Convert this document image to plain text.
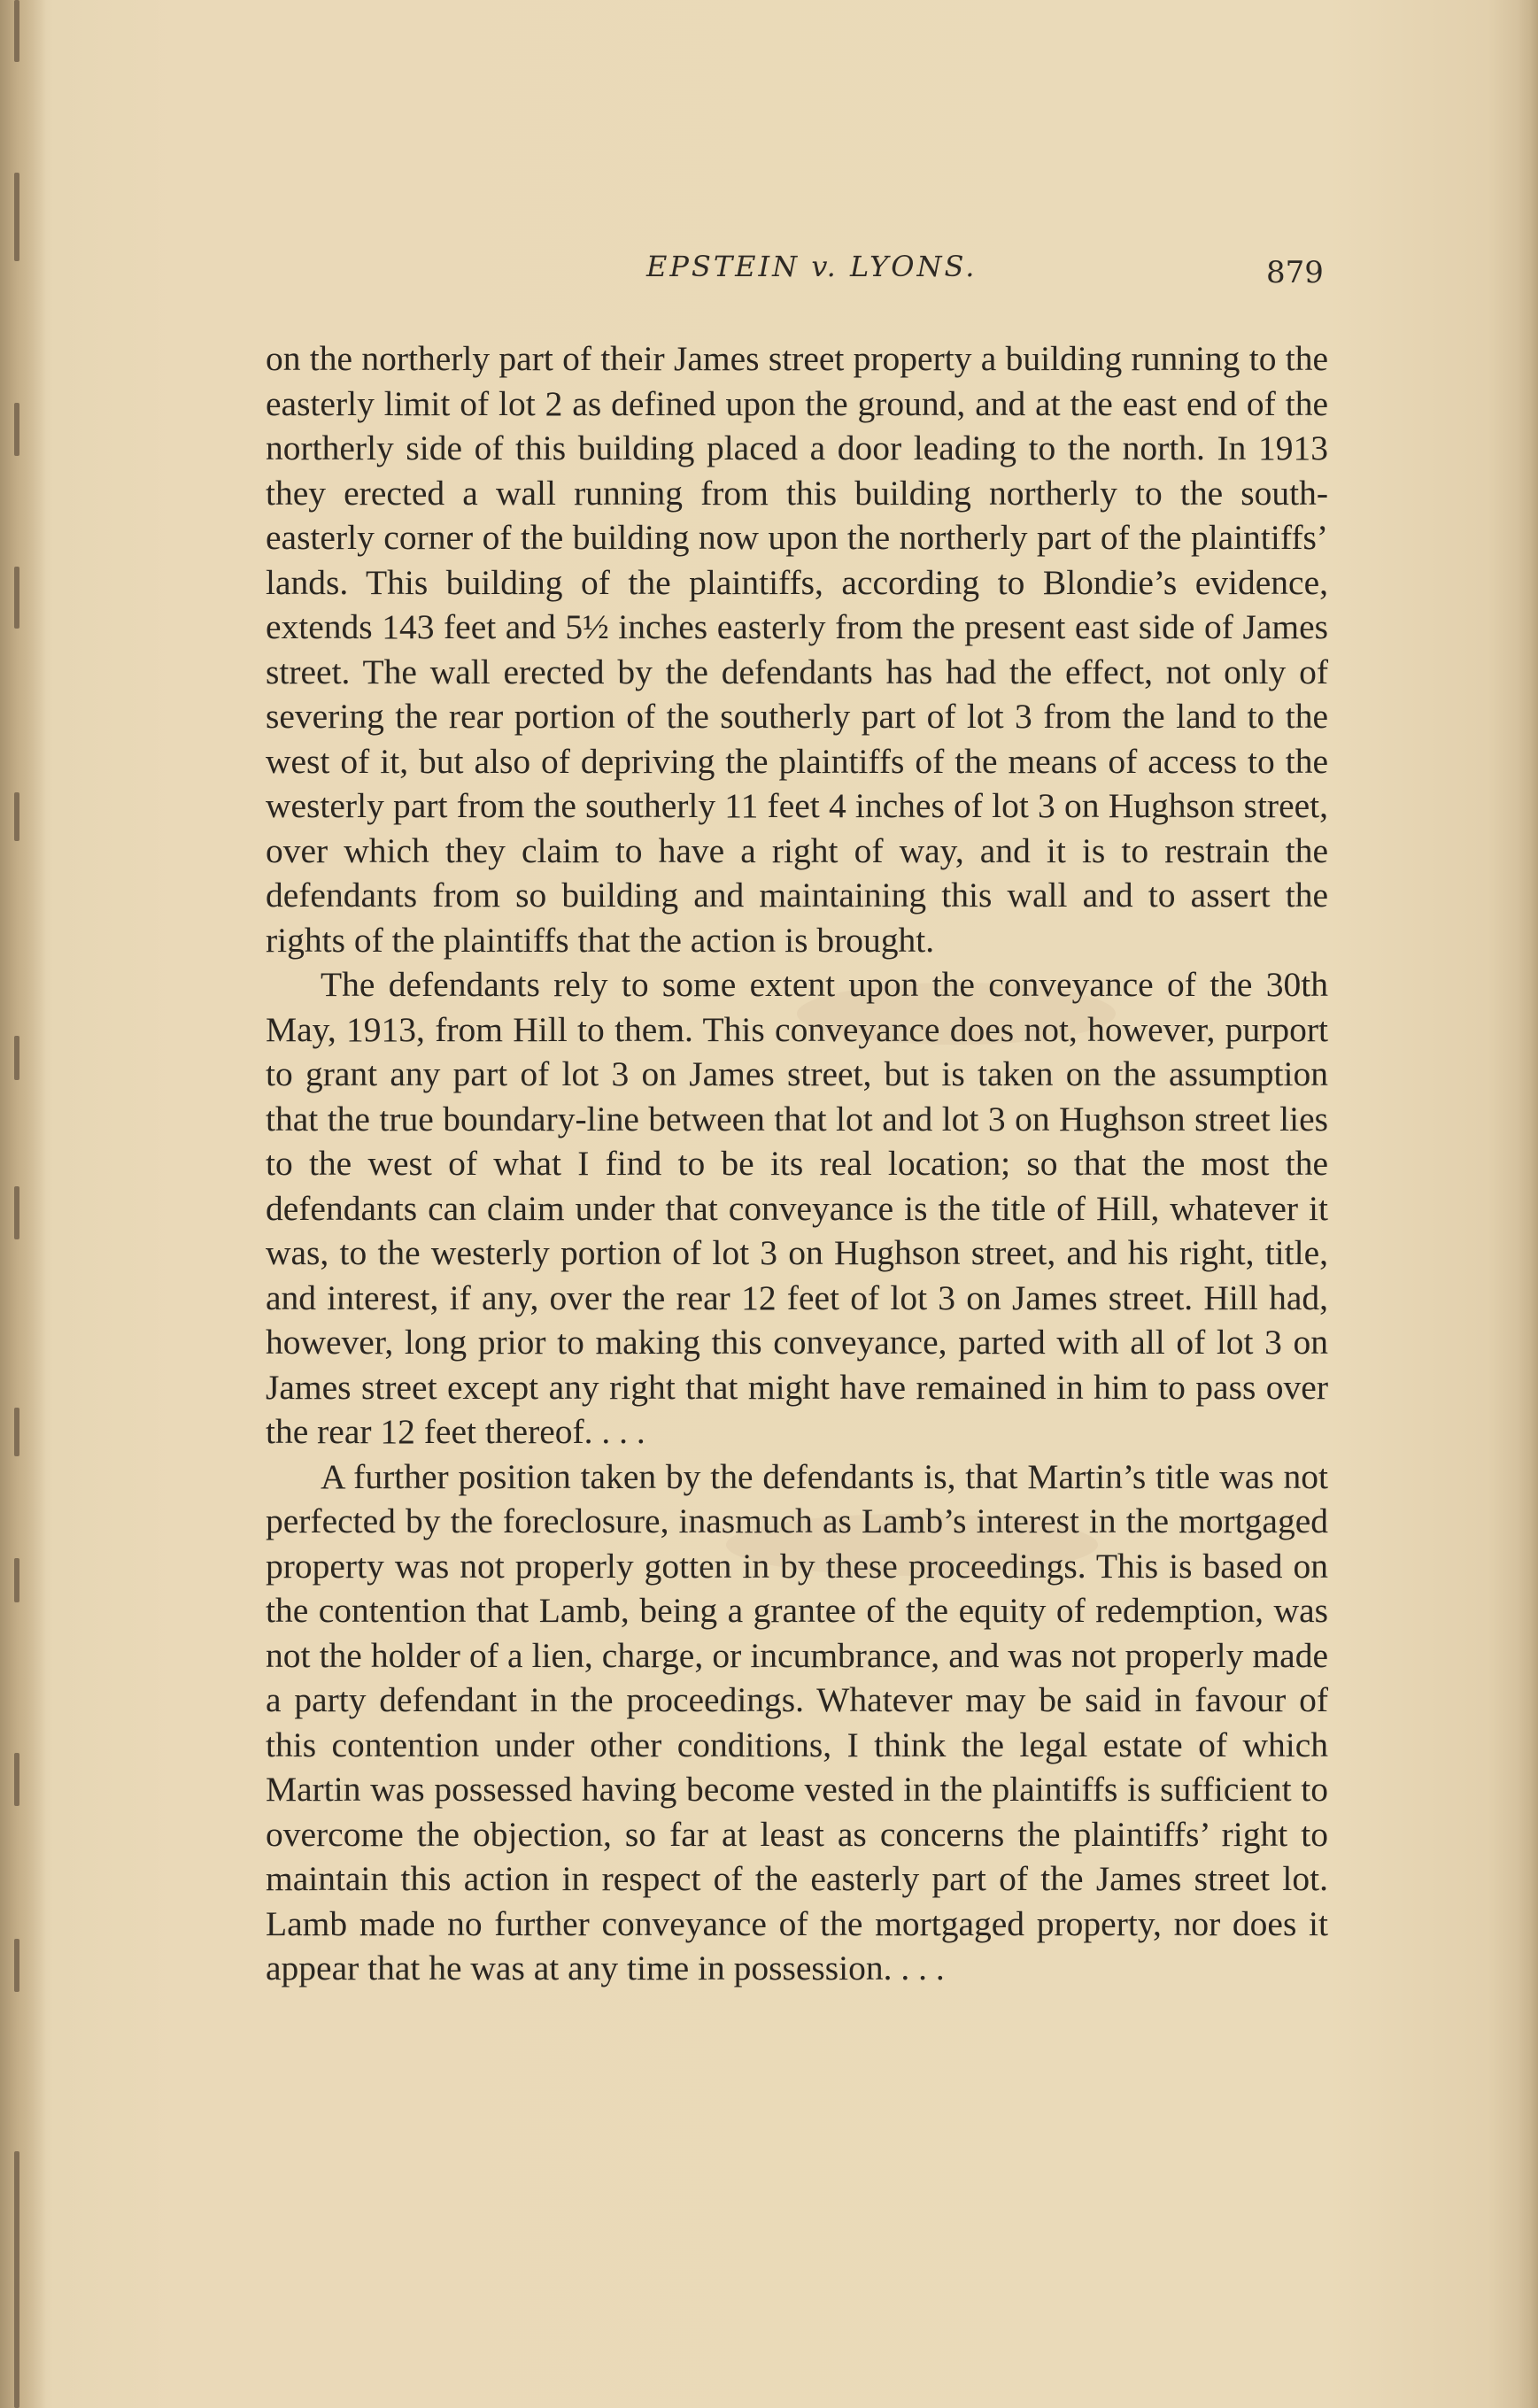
EPSTEIN v. LYONS.	879

on the northerly part of their James street property a building running to the easterly limit of lot 2 as defined upon the ground, and at the east end of the northerly side of this building placed a door leading to the north. In 1913 they erected a wall running from this building northerly to the south-easterly corner of the building now upon the northerly part of the plaintiffs’ lands. This building of the plaintiffs, according to Blondie’s evidence, extends 143 feet and 5½ inches easterly from the present east side of James street. The wall erected by the defendants has had the effect, not only of severing the rear portion of the southerly part of lot 3 from the land to the west of it, but also of depriving the plaintiffs of the means of access to the westerly part from the southerly 11 feet 4 inches of lot 3 on Hughson street, over which they claim to have a right of way, and it is to restrain the defendants from so building and maintaining this wall and to assert the rights of the plaintiffs that the action is brought.

The defendants rely to some extent upon the conveyance of the 30th May, 1913, from Hill to them. This conveyance does not, however, purport to grant any part of lot 3 on James street, but is taken on the assumption that the true boundary-line between that lot and lot 3 on Hughson street lies to the west of what I find to be its real location; so that the most the defendants can claim under that conveyance is the title of Hill, whatever it was, to the westerly portion of lot 3 on Hughson street, and his right, title, and interest, if any, over the rear 12 feet of lot 3 on James street. Hill had, however, long prior to making this conveyance, parted with all of lot 3 on James street except any right that might have remained in him to pass over the rear 12 feet thereof. . . .

A further position taken by the defendants is, that Martin’s title was not perfected by the foreclosure, inasmuch as Lamb’s interest in the mortgaged property was not properly gotten in by these proceedings. This is based on the contention that Lamb, being a grantee of the equity of redemption, was not the holder of a lien, charge, or incumbrance, and was not properly made a party defendant in the proceedings. Whatever may be said in favour of this contention under other conditions, I think the legal estate of which Martin was possessed having become vested in the plaintiffs is sufficient to overcome the objection, so far at least as concerns the plaintiffs’ right to maintain this action in respect of the easterly part of the James street lot. Lamb made no further conveyance of the mortgaged property, nor does it appear that he was at any time in possession. . . .
